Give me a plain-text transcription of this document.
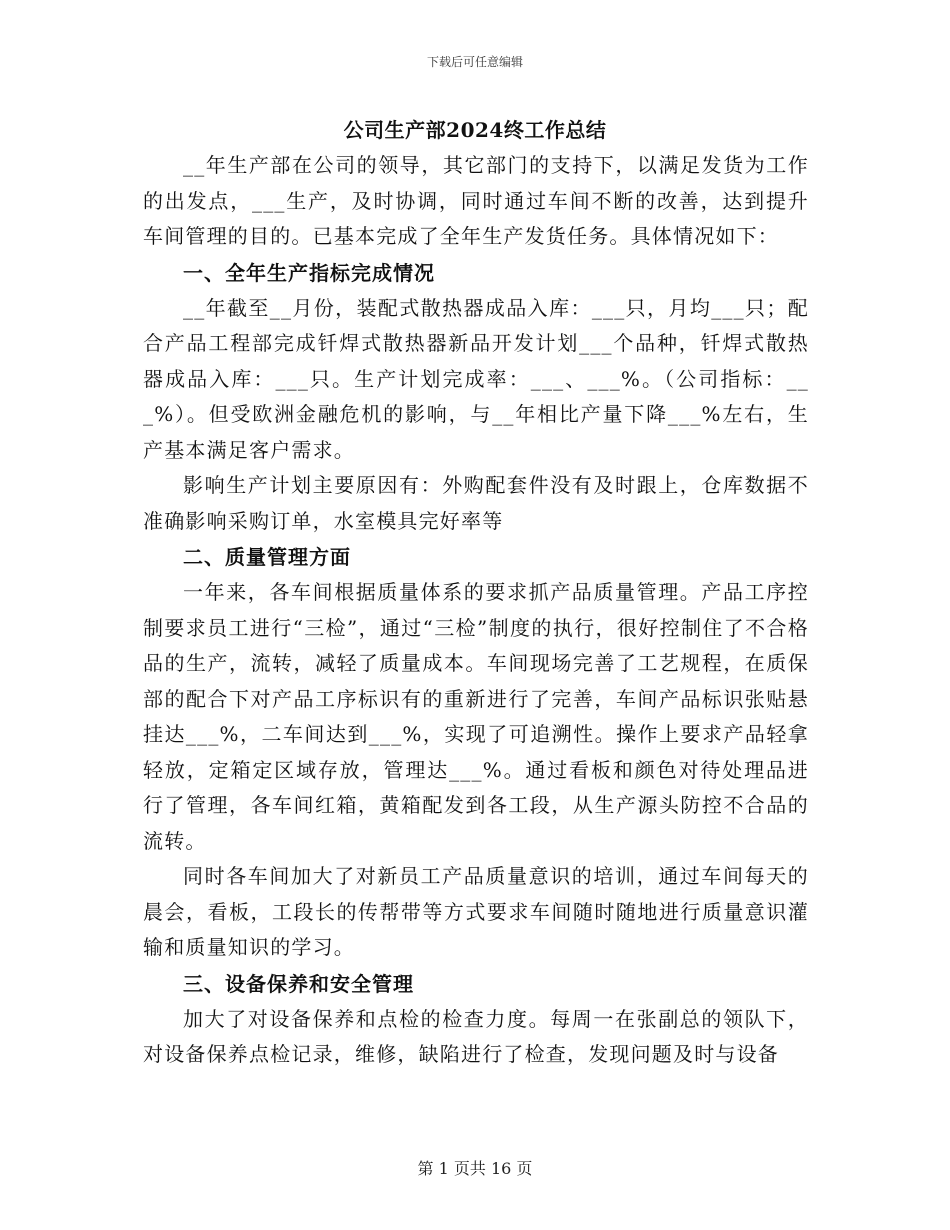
下载后可任意编辑
公司生产部2024终工作总结

__年生产部在公司的领导，其它部门的支持下，以满足发货为工作的出发点，___生产，及时协调，同时通过车间不断的改善，达到提升车间管理的目的。已基本完成了全年生产发货任务。具体情况如下：

一、全年生产指标完成情况

__年截至__月份，装配式散热器成品入库：___只，月均___只；配合产品工程部完成钎焊式散热器新品开发计划___个品种，钎焊式散热器成品入库：___只。生产计划完成率：___、___%。（公司指标：___%）。但受欧洲金融危机的影响，与__年相比产量下降___%左右，生产基本满足客户需求。

影响生产计划主要原因有：外购配套件没有及时跟上，仓库数据不准确影响采购订单，水室模具完好率等

二、质量管理方面

一年来，各车间根据质量体系的要求抓产品质量管理。产品工序控制要求员工进行“三检”，通过“三检”制度的执行，很好控制住了不合格品的生产，流转，减轻了质量成本。车间现场完善了工艺规程，在质保部的配合下对产品工序标识有的重新进行了完善，车间产品标识张贴悬挂达___%，二车间达到___%，实现了可追溯性。操作上要求产品轻拿轻放，定箱定区域存放，管理达___%。通过看板和颜色对待处理品进行了管理，各车间红箱，黄箱配发到各工段，从生产源头防控不合品的流转。

同时各车间加大了对新员工产品质量意识的培训，通过车间每天的晨会，看板，工段长的传帮带等方式要求车间随时随地进行质量意识灌输和质量知识的学习。

三、设备保养和安全管理

加大了对设备保养和点检的检查力度。每周一在张副总的领队下，对设备保养点检记录，维修，缺陷进行了检查，发现问题及时与设备

第 1 页共 16 页
